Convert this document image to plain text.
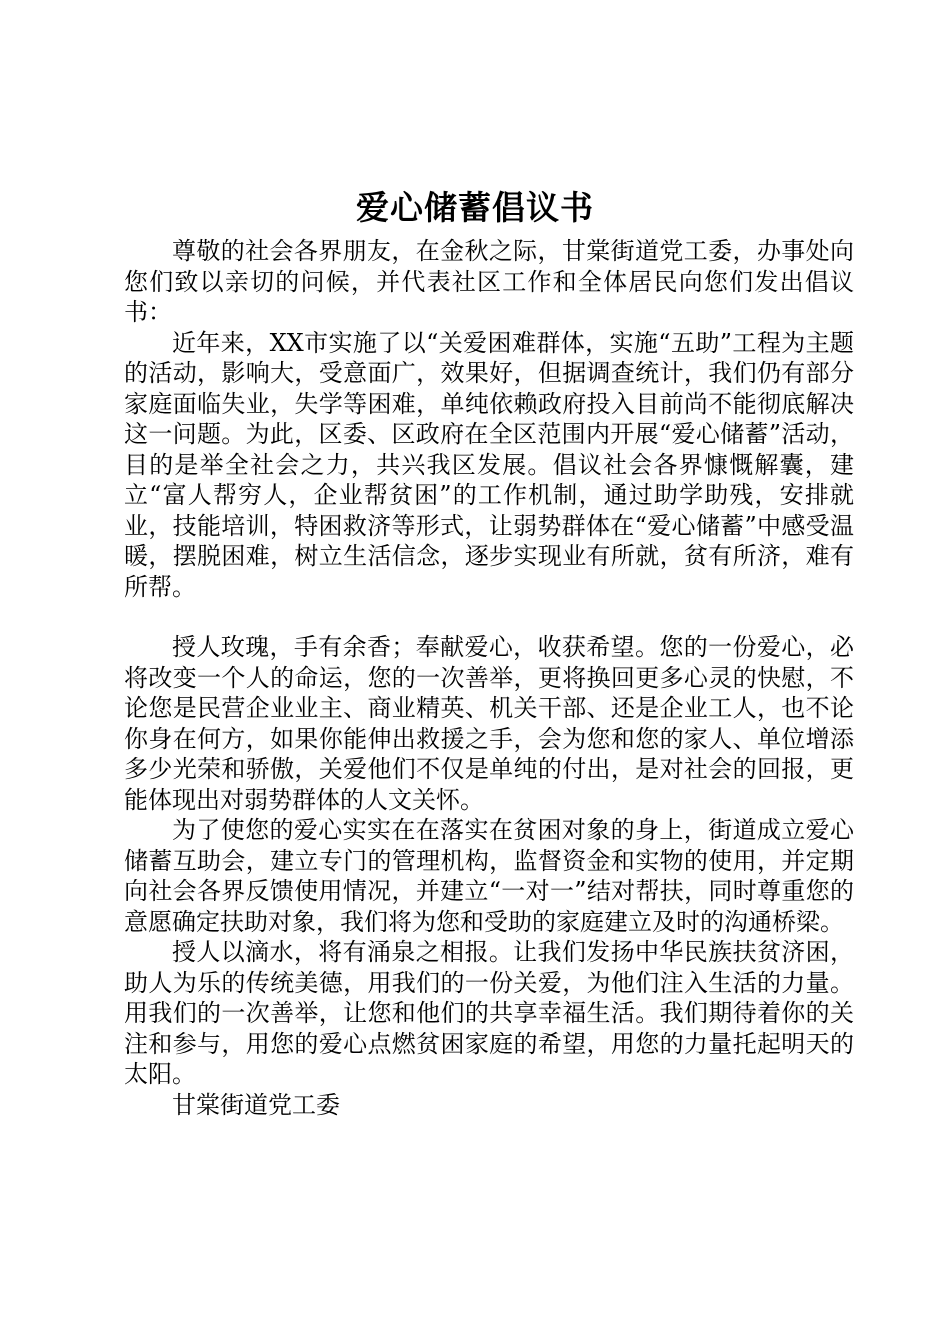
爱心储蓄倡议书

尊敬的社会各界朋友，在金秋之际，甘棠街道党工委，办事处向您们致以亲切的问候，并代表社区工作和全体居民向您们发出倡议书：

近年来，XX市实施了以“关爱困难群体，实施“五助”工程为主题的活动，影响大，受意面广，效果好，但据调查统计，我们仍有部分家庭面临失业，失学等困难，单纯依赖政府投入目前尚不能彻底解决这一问题。为此，区委、区政府在全区范围内开展“爱心储蓄”活动，目的是举全社会之力，共兴我区发展。倡议社会各界慷慨解囊，建立“富人帮穷人，企业帮贫困”的工作机制，通过助学助残，安排就业，技能培训，特困救济等形式，让弱势群体在“爱心储蓄”中感受温暖，摆脱困难，树立生活信念，逐步实现业有所就，贫有所济，难有所帮。

授人玫瑰，手有余香；奉献爱心，收获希望。您的一份爱心，必将改变一个人的命运，您的一次善举，更将换回更多心灵的快慰，不论您是民营企业业主、商业精英、机关干部、还是企业工人，也不论你身在何方，如果你能伸出救援之手，会为您和您的家人、单位增添多少光荣和骄傲，关爱他们不仅是单纯的付出，是对社会的回报，更能体现出对弱势群体的人文关怀。

为了使您的爱心实实在在落实在贫困对象的身上，街道成立爱心储蓄互助会，建立专门的管理机构，监督资金和实物的使用，并定期向社会各界反馈使用情况，并建立“一对一”结对帮扶，同时尊重您的意愿确定扶助对象，我们将为您和受助的家庭建立及时的沟通桥梁。

授人以滴水，将有涌泉之相报。让我们发扬中华民族扶贫济困，助人为乐的传统美德，用我们的一份关爱，为他们注入生活的力量。用我们的一次善举，让您和他们的共享幸福生活。我们期待着你的关注和参与，用您的爱心点燃贫困家庭的希望，用您的力量托起明天的太阳。

甘棠街道党工委
